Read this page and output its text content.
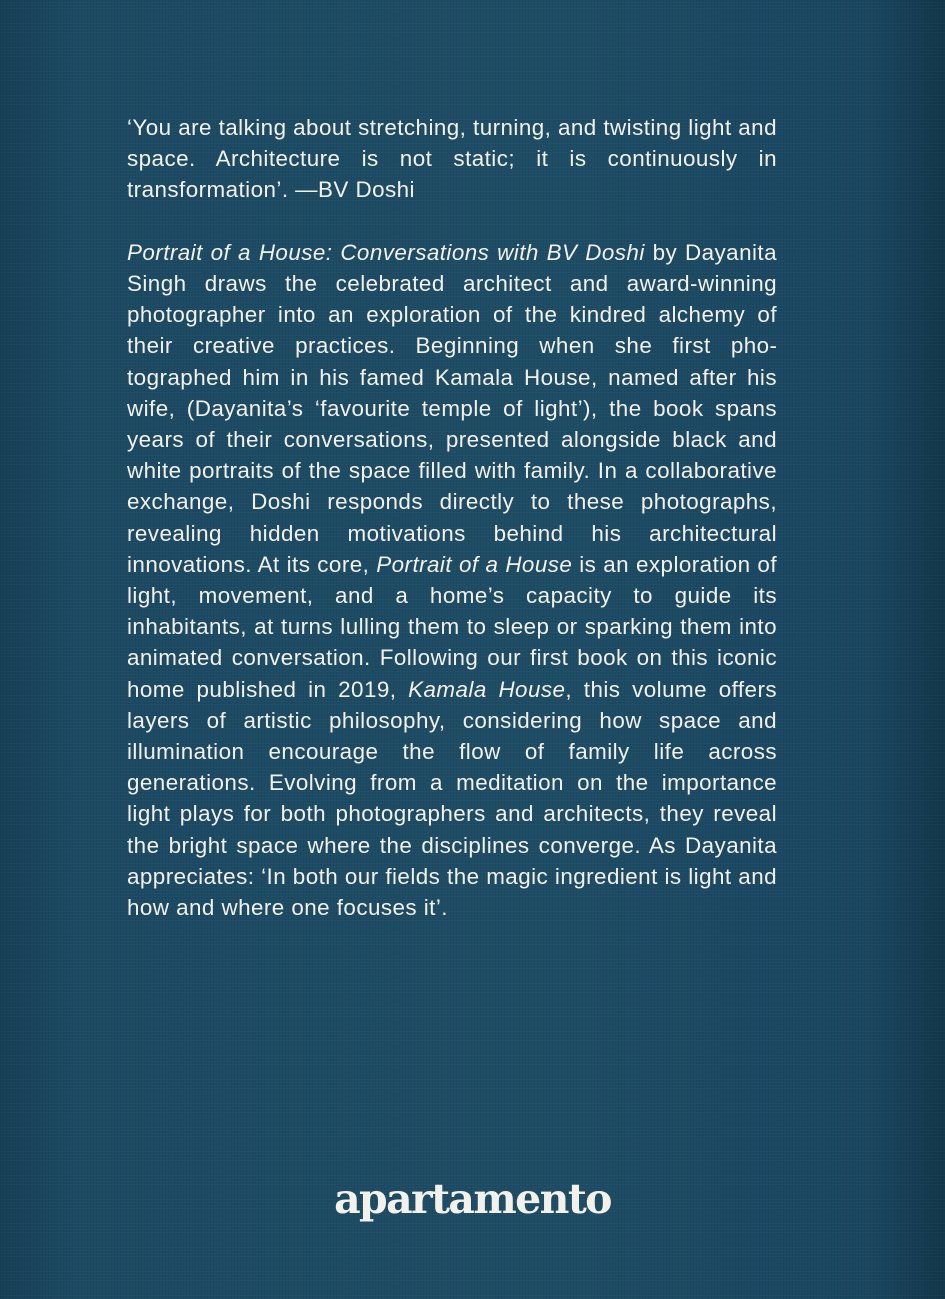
‘You are talking about stretching, turning, and twisting light and space. Architecture is not static; it is continuously in transformation’. —BV Doshi

Portrait of a House: Conversations with BV Doshi by Dayanita Singh draws the celebrated architect and award-winning photographer into an exploration of the kindred alchemy of their creative practices. Beginning when she first photographed him in his famed Kamala House, named after his wife, (Dayanita’s ‘favourite temple of light’), the book spans years of their conversations, presented alongside black and white portraits of the space filled with family. In a collaborative exchange, Doshi responds directly to these photographs, revealing hidden motivations behind his architectural innovations. At its core, Portrait of a House is an exploration of light, movement, and a home’s capacity to guide its inhabitants, at turns lulling them to sleep or sparking them into animated conversation. Following our first book on this iconic home published in 2019, Kamala House, this volume offers layers of artistic philosophy, considering how space and illumination encourage the flow of family life across generations. Evolving from a meditation on the importance light plays for both photographers and architects, they reveal the bright space where the disciplines converge. As Dayanita appreciates: ‘In both our fields the magic ingredient is light and how and where one focuses it’.

apartamento
